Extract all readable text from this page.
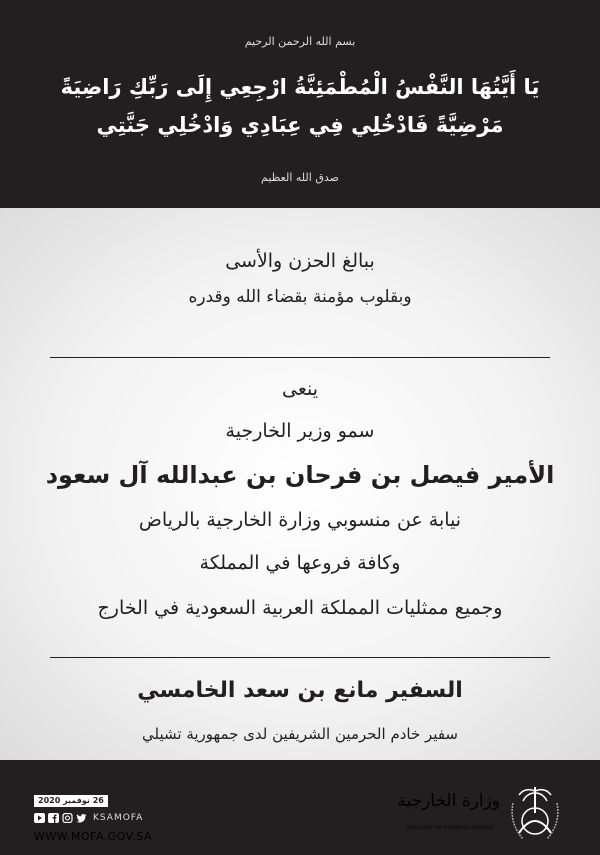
بسم الله الرحمن الرحيم
يَا أَيَّتُهَا النَّفْسُ الْمُطْمَئِنَّةُ ارْجِعِي إِلَى رَبِّكِ رَاضِيَةً
مَرْضِيَّةً فَادْخُلِي فِي عِبَادِي وَادْخُلِي جَنَّتِي
صدق الله العظيم
ببالغ الحزن والأسى
وبقلوب مؤمنة بقضاء الله وقدره
ينعى
سمو وزير الخارجية
الأمير فيصل بن فرحان بن عبدالله آل سعود
نيابة عن منسوبي وزارة الخارجية بالرياض
وكافة فروعها في المملكة
وجميع ممثليات المملكة العربية السعودية في الخارج
السفير مانع بن سعد الخامسي
سفير خادم الحرمين الشريفين لدى جمهورية تشيلي
26 نوفمبر 2020
KSAMOFA
WWW.MOFA.GOV.SA
وزارة الخارجية
MINISTRY OF FOREIGN AFFAIRS
